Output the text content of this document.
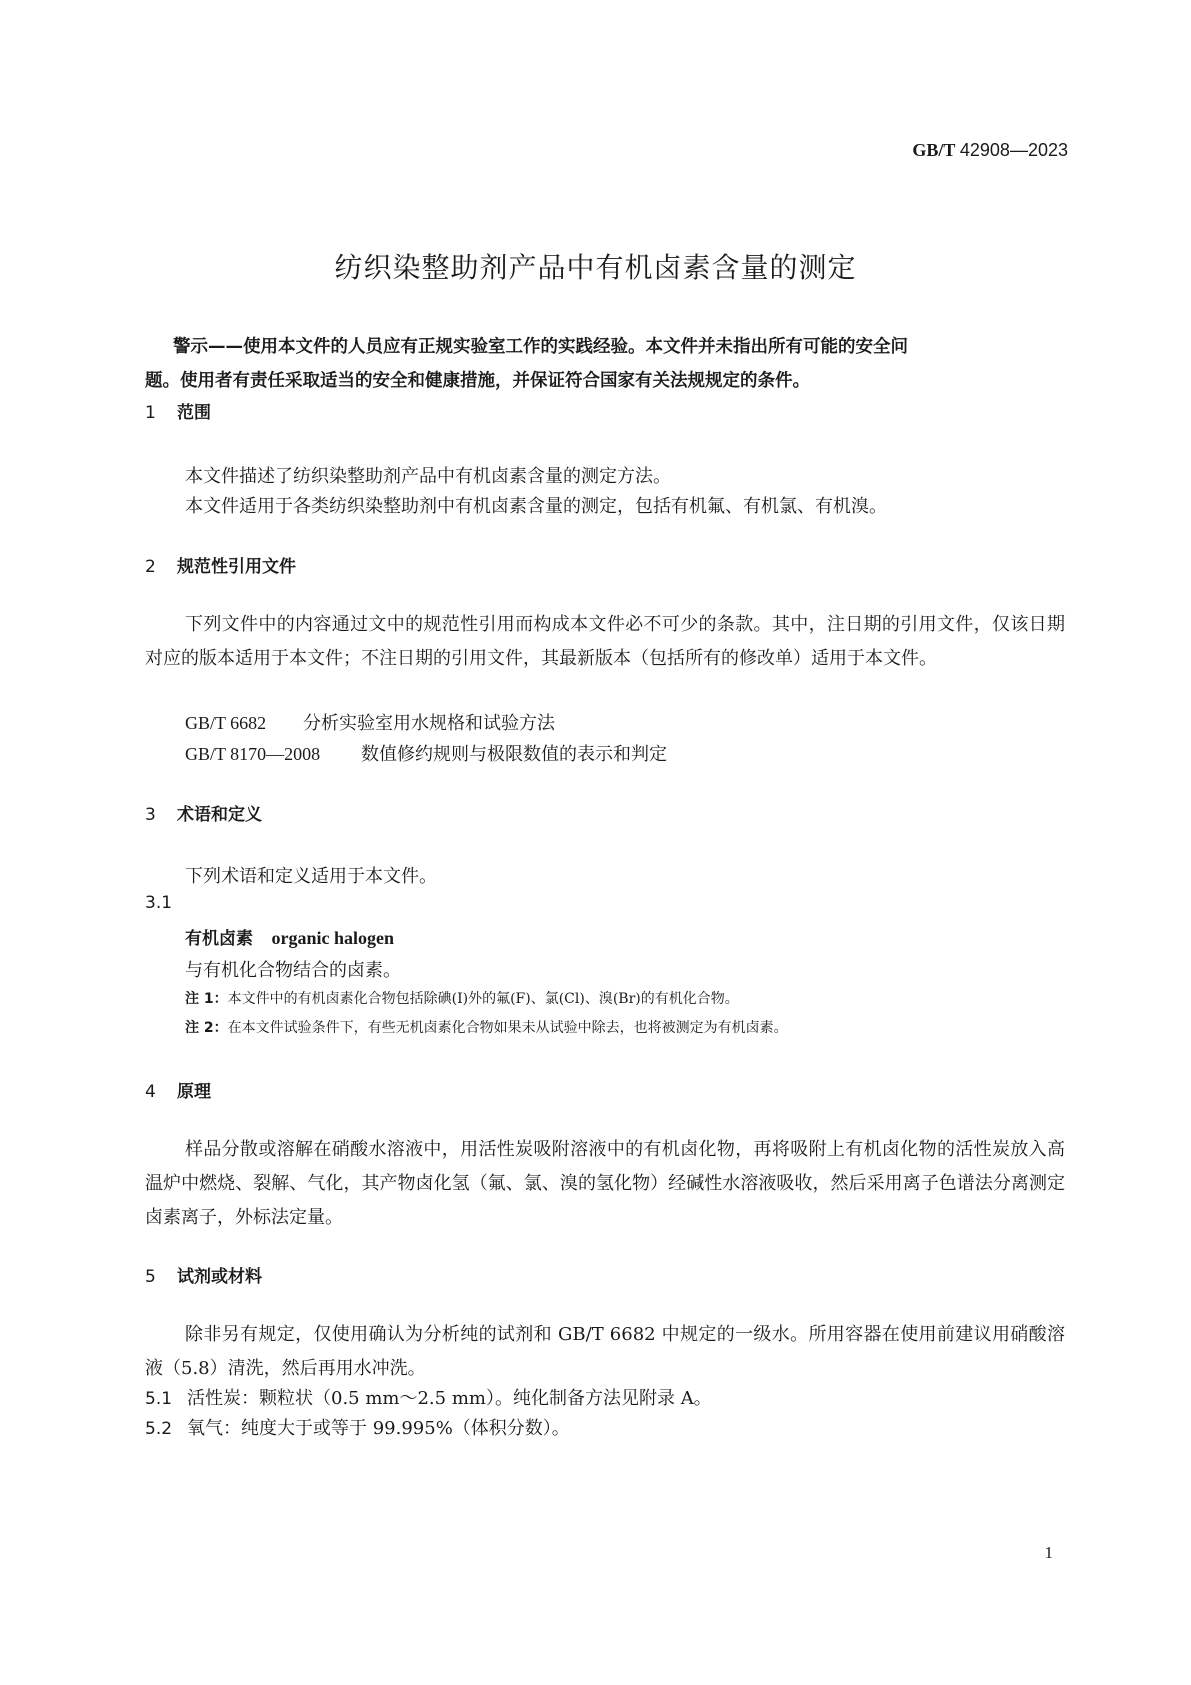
GB/T 42908—2023
纺织染整助剂产品中有机卤素含量的测定

警示——使用本文件的人员应有正规实验室工作的实践经验。本文件并未指出所有可能的安全问

题。使用者有责任采取适当的安全和健康措施，并保证符合国家有关法规规定的条件。

1 范围
本文件描述了纺织染整助剂产品中有机卤素含量的测定方法。
本文件适用于各类纺织染整助剂中有机卤素含量的测定，包括有机氟、有机氯、有机溴。
2 规范性引用文件

下列文件中的内容通过文中的规范性引用而构成本文件必不可少的条款。其中，注日期的引用文件，仅该日期对应的版本适用于本文件；不注日期的引用文件，其最新版本（包括所有的修改单）适用于本文件。

GB/T 6682 分析实验室用水规格和试验方法
GB/T 8170—2008 数值修约规则与极限数值的表示和判定
3 术语和定义
下列术语和定义适用于本文件。
3.1
有机卤素 organic halogen
与有机化合物结合的卤素。
注 1：本文件中的有机卤素化合物包括除碘(I)外的氟(F)、氯(Cl)、溴(Br)的有机化合物。
注 2：在本文件试验条件下，有些无机卤素化合物如果未从试验中除去，也将被测定为有机卤素。
4 原理

样品分散或溶解在硝酸水溶液中，用活性炭吸附溶液中的有机卤化物，再将吸附上有机卤化物的活性炭放入高温炉中燃烧、裂解、气化，其产物卤化氢（氟、氯、溴的氢化物）经碱性水溶液吸收，然后采用离子色谱法分离测定卤素离子，外标法定量。

5 试剂或材料

除非另有规定，仅使用确认为分析纯的试剂和 GB/T 6682 中规定的一级水。所用容器在使用前建议用硝酸溶液（5.8）清洗，然后再用水冲洗。

5.1 活性炭：颗粒状（0.5 mm～2.5 mm）。纯化制备方法见附录 A。
5.2 氧气：纯度大于或等于 99.995%（体积分数）。
1
